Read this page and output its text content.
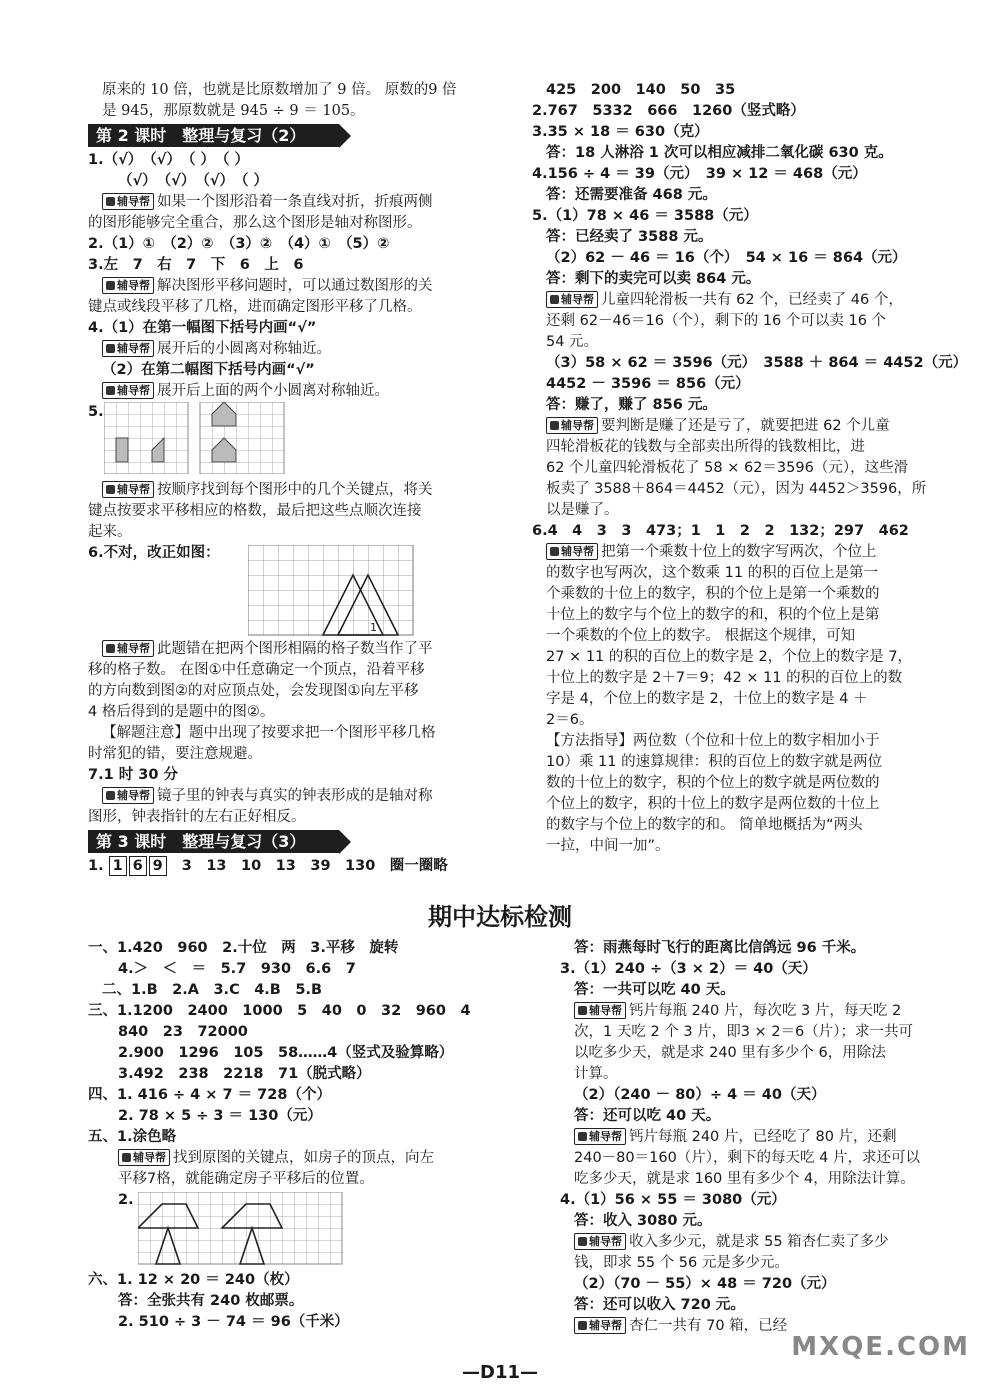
原来的 10 倍，也就是比原数增加了 9 倍。 原数的9 倍
是 945，那原数就是 945 ÷ 9 ＝ 105。
第 2 课时　整理与复习（2）
1.（√）　（√）　（ ）　（ ）
（√）　（√）　（√）　（ ）
辅导帮 如果一个图形沿着一条直线对折，折痕两侧
的图形能够完全重合，那么这个图形是轴对称图形。
2.（1）①　（2）②　（3）②　（4）①　（5）②
3.左　7　右　7　下　6　上　6
辅导帮 解决图形平移问题时，可以通过数图形的关
键点或线段平移了几格，进而确定图形平移了几格。
4.（1）在第一幅图下括号内画“√”
辅导帮 展开后的小圆离对称轴近。
（2）在第二幅图下括号内画“√”
辅导帮 展开后上面的两个小圆离对称轴近。
5.
辅导帮 按顺序找到每个图形中的几个关键点，将关
键点按要求平移相应的格数，最后把这些点顺次连接
起来。
6.不对，改正如图：
1
辅导帮 此题错在把两个图形相隔的格子数当作了平
移的格子数。 在图①中任意确定一个顶点，沿着平移
的方向数到图②的对应顶点处，会发现图①向左平移
4 格后得到的是题中的图②。
【解题注意】题中出现了按要求把一个图形平移几格
时常犯的错，要注意规避。
7.1 时 30 分
辅导帮 镜子里的钟表与真实的钟表形成的是轴对称
图形，钟表指针的左右正好相反。
第 3 课时　整理与复习（3）
1. 1 6 9 3　13　10　13　39　130　圈一圈略
425　200　140　50　35
2.767　5332　666　1260（竖式略）
3.35 × 18 ＝ 630（克）
答：18 人淋浴 1 次可以相应减排二氧化碳 630 克。
4.156 ÷ 4 ＝ 39（元）　39 × 12 ＝ 468（元）
答：还需要准备 468 元。
5.（1）78 × 46 ＝ 3588（元）
答：已经卖了 3588 元。
（2）62 － 46 ＝ 16（个）　54 × 16 ＝ 864（元）
答：剩下的卖完可以卖 864 元。
辅导帮 儿童四轮滑板一共有 62 个，已经卖了 46 个，
还剩 62－46＝16（个），剩下的 16 个可以卖 16 个
54 元。
（3）58 × 62 ＝ 3596（元）　3588 ＋ 864 ＝ 4452（元）
4452 － 3596 ＝ 856（元）
答：赚了，赚了 856 元。
辅导帮 要判断是赚了还是亏了，就要把进 62 个儿童
四轮滑板花的钱数与全部卖出所得的钱数相比，进
62 个儿童四轮滑板花了 58 × 62＝3596（元），这些滑
板卖了 3588＋864＝4452（元），因为 4452＞3596，所
以是赚了。
6.4　4　3　3　473；1　1　2　2　132；297　462
辅导帮 把第一个乘数十位上的数字写两次，个位上
的数字也写两次，这个数乘 11 的积的百位上是第一
个乘数的十位上的数字，积的个位上是第一个乘数的
十位上的数字与个位上的数字的和，积的个位上是第
一个乘数的个位上的数字。 根据这个规律，可知
27 × 11 的积的百位上的数字是 2，个位上的数字是 7，
十位上的数字是 2＋7＝9；42 × 11 的积的百位上的数
字是 4，个位上的数字是 2，十位上的数字是 4 ＋
2＝6。
【方法指导】两位数（个位和十位上的数字相加小于
10）乘 11 的速算规律：积的百位上的数字就是两位
数的十位上的数字，积的个位上的数字就是两位数的
个位上的数字，积的十位上的数字是两位数的十位上
的数字与个位上的数字的和。 简单地概括为“两头
一拉，中间一加”。
期中达标检测
一、1.420　960　2.十位　两　3.平移　旋转
4.＞　＜　＝　5.7　930　6.6　7
二、1.B　2.A　3.C　4.B　5.B
三、1.1200　2400　1000　5　40　0　32　960　4
840　23　72000
2.900　1296　105　58……4（竖式及验算略）
3.492　238　2218　71（脱式略）
四、1. 416 ÷ 4 × 7 ＝ 728（个）
2. 78 × 5 ÷ 3 ＝ 130（元）
五、1.涂色略
辅导帮 找到原图的关键点，如房子的顶点，向左
平移7格，就能确定房子平移后的位置。
2.
六、1. 12 × 20 ＝ 240（枚）
答：全张共有 240 枚邮票。
2. 510 ÷ 3 － 74 ＝ 96（千米）
答：雨燕每时飞行的距离比信鸽远 96 千米。
3.（1）240 ÷（3 × 2）＝ 40（天）
答：一共可以吃 40 天。
辅导帮 钙片每瓶 240 片，每次吃 3 片，每天吃 2
次，1 天吃 2 个 3 片，即3 × 2＝6（片）；求一共可
以吃多少天，就是求 240 里有多少个 6，用除法
计算。
（2）（240 － 80）÷ 4 ＝ 40（天）
答：还可以吃 40 天。
辅导帮 钙片每瓶 240 片，已经吃了 80 片，还剩
240－80＝160（片），剩下的每天吃 4 片，求还可以
吃多少天，就是求 160 里有多少个 4，用除法计算。
4.（1）56 × 55 ＝ 3080（元）
答：收入 3080 元。
辅导帮 收入多少元，就是求 55 箱杏仁卖了多少
钱，即求 55 个 56 元是多少元。
（2）（70 － 55）× 48 ＝ 720（元）
答：还可以收入 720 元。
辅导帮 杏仁一共有 70 箱，已经
MXQE.COM
—D11—
